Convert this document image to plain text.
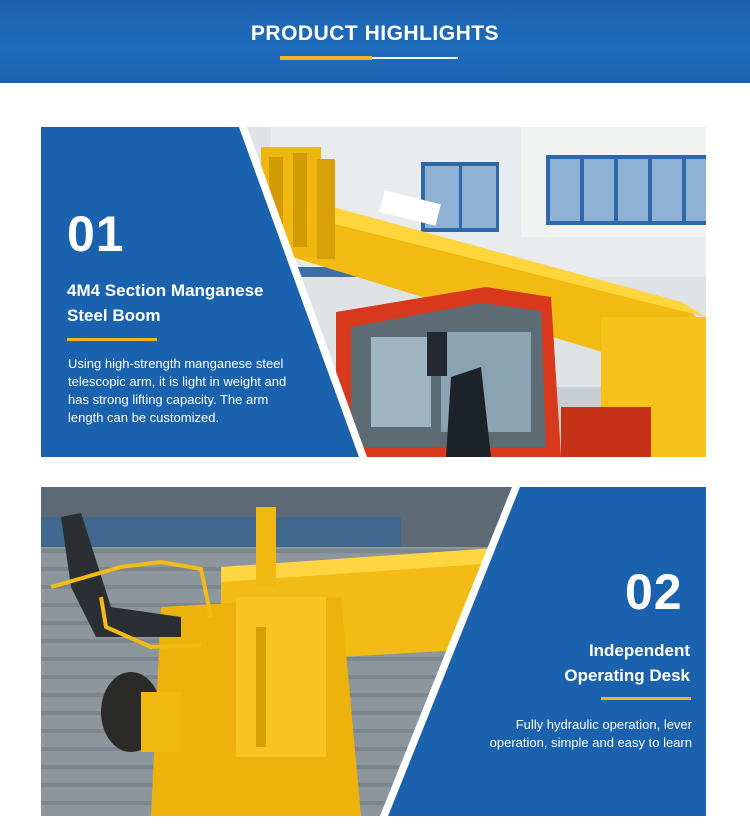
PRODUCT HIGHLIGHTS
01
4M4 Section Manganese
Steel Boom
Using high-strength manganese steel
telescopic arm, it is light in weight and
has strong lifting capacity. The arm
length can be customized.
02
Independent
Operating Desk
Fully hydraulic operation, lever
operation, simple and easy to learn
